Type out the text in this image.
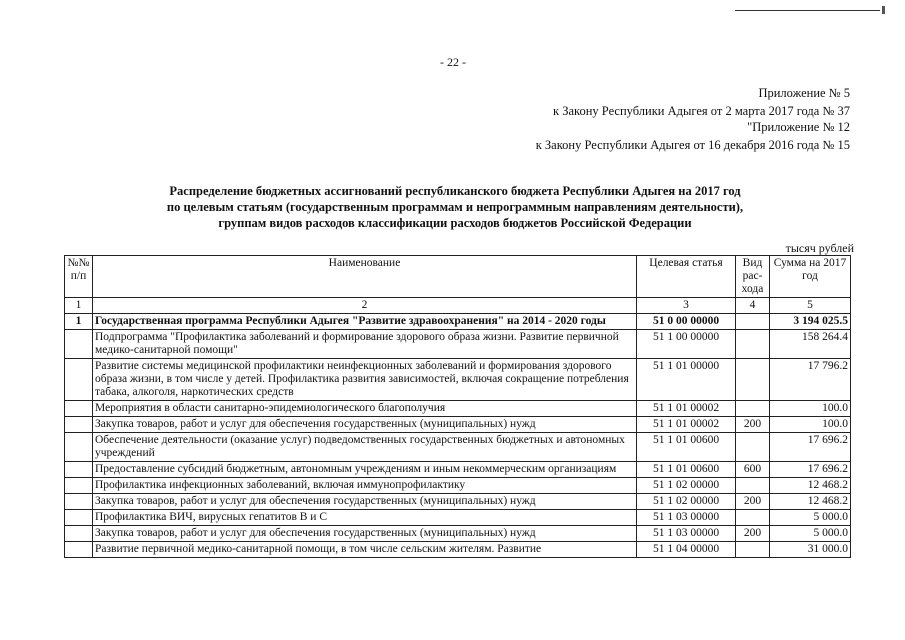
- 22 -
Приложение № 5
к Закону Республики Адыгея от 2 марта 2017 года № 37
"Приложение № 12
к Закону Республики Адыгея от 16 декабря 2016 года № 15
Распределение бюджетных ассигнований республиканского бюджета Республики Адыгея на 2017 год
по целевым статьям (государственным программам и непрограммным направлениям деятельности),
группам видов расходов классификации расходов бюджетов Российской Федерации
тысяч рублей
№№ п/п	Наименование	Целевая статья	Вид рас-хода	Сумма на 2017 год
1	2	3	4	5
1	Государственная программа Республики Адыгея "Развитие здравоохранения" на 2014 - 2020 годы	51 0 00 00000		3 194 025.5
	Подпрограмма "Профилактика заболеваний и формирование здорового образа жизни. Развитие первичной медико-санитарной помощи"	51 1 00 00000		158 264.4
	Развитие системы медицинской профилактики неинфекционных заболеваний и формирования здорового образа жизни, в том числе у детей. Профилактика развития зависимостей, включая сокращение потребления табака, алкоголя, наркотических средств	51 1 01 00000		17 796.2
	Мероприятия в области санитарно-эпидемиологического благополучия	51 1 01 00002		100.0
	Закупка товаров, работ и услуг для обеспечения государственных (муниципальных) нужд	51 1 01 00002	200	100.0
	Обеспечение деятельности (оказание услуг) подведомственных государственных бюджетных и автономных учреждений	51 1 01 00600		17 696.2
	Предоставление субсидий бюджетным, автономным учреждениям и иным некоммерческим организациям	51 1 01 00600	600	17 696.2
	Профилактика инфекционных заболеваний, включая иммунопрофилактику	51 1 02 00000		12 468.2
	Закупка товаров, работ и услуг для обеспечения государственных (муниципальных) нужд	51 1 02 00000	200	12 468.2
	Профилактика ВИЧ, вирусных гепатитов В и С	51 1 03 00000		5 000.0
	Закупка товаров, работ и услуг для обеспечения государственных (муниципальных) нужд	51 1 03 00000	200	5 000.0
	Развитие первичной медико-санитарной помощи, в том числе сельским жителям. Развитие	51 1 04 00000		31 000.0
